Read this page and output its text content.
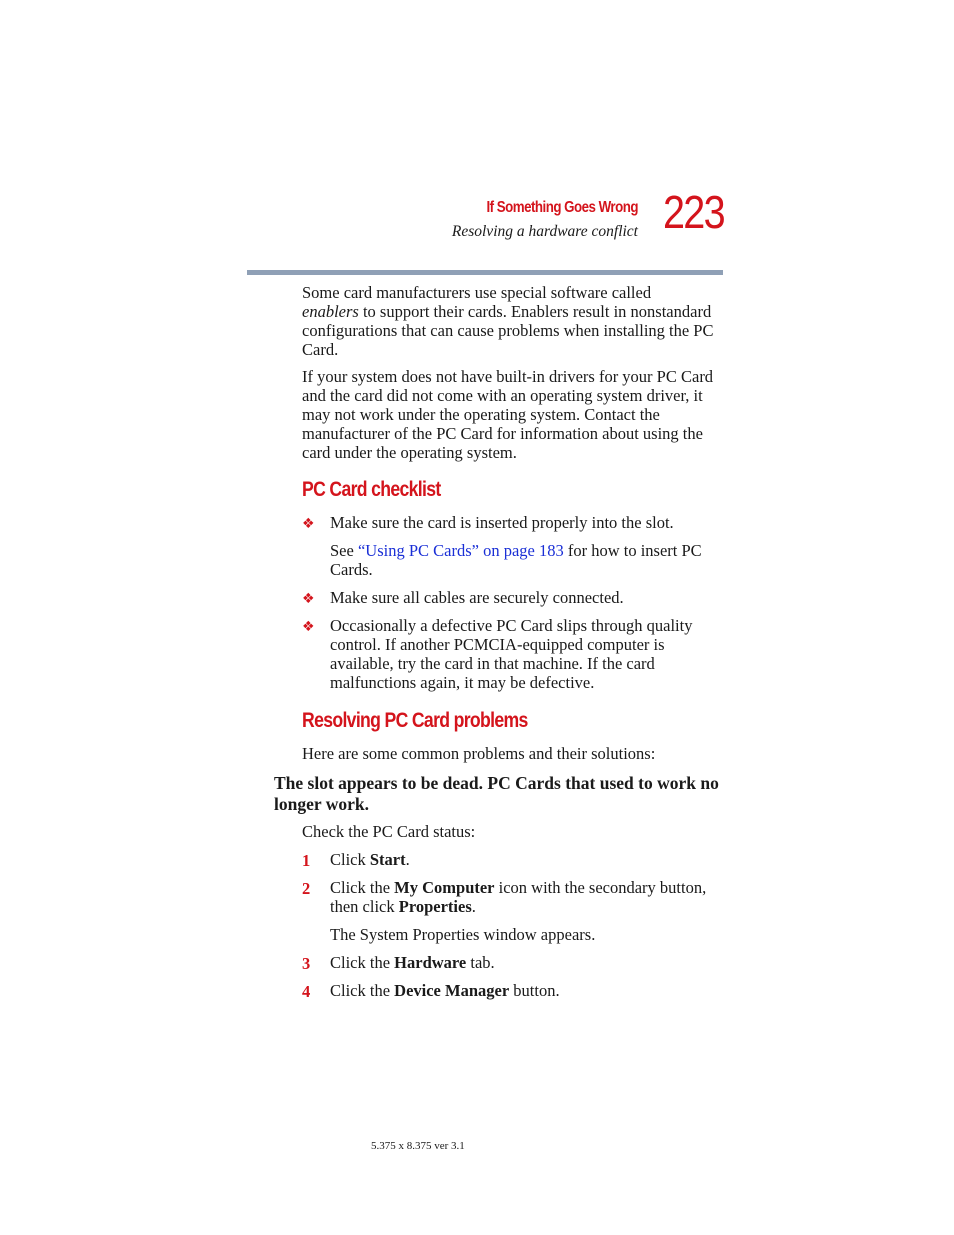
If Something Goes Wrong
Resolving a hardware conflict 223
Some card manufacturers use special software called
enablers to support their cards. Enablers result in nonstandard configurations that can cause problems when installing the PC Card.
If your system does not have built-in drivers for your PC Card and the card did not come with an operating system driver, it may not work under the operating system. Contact the manufacturer of the PC Card for information about using the card under the operating system.
PC Card checklist
❖ Make sure the card is inserted properly into the slot.
See “Using PC Cards” on page 183 for how to insert PC Cards.
❖ Make sure all cables are securely connected.
❖ Occasionally a defective PC Card slips through quality control. If another PCMCIA-equipped computer is available, try the card in that machine. If the card malfunctions again, it may be defective.
Resolving PC Card problems
Here are some common problems and their solutions:
The slot appears to be dead. PC Cards that used to work no longer work.
Check the PC Card status:
1 Click Start.
2 Click the My Computer icon with the secondary button, then click Properties.
The System Properties window appears.
3 Click the Hardware tab.
4 Click the Device Manager button.
5.375 x 8.375 ver 3.1
